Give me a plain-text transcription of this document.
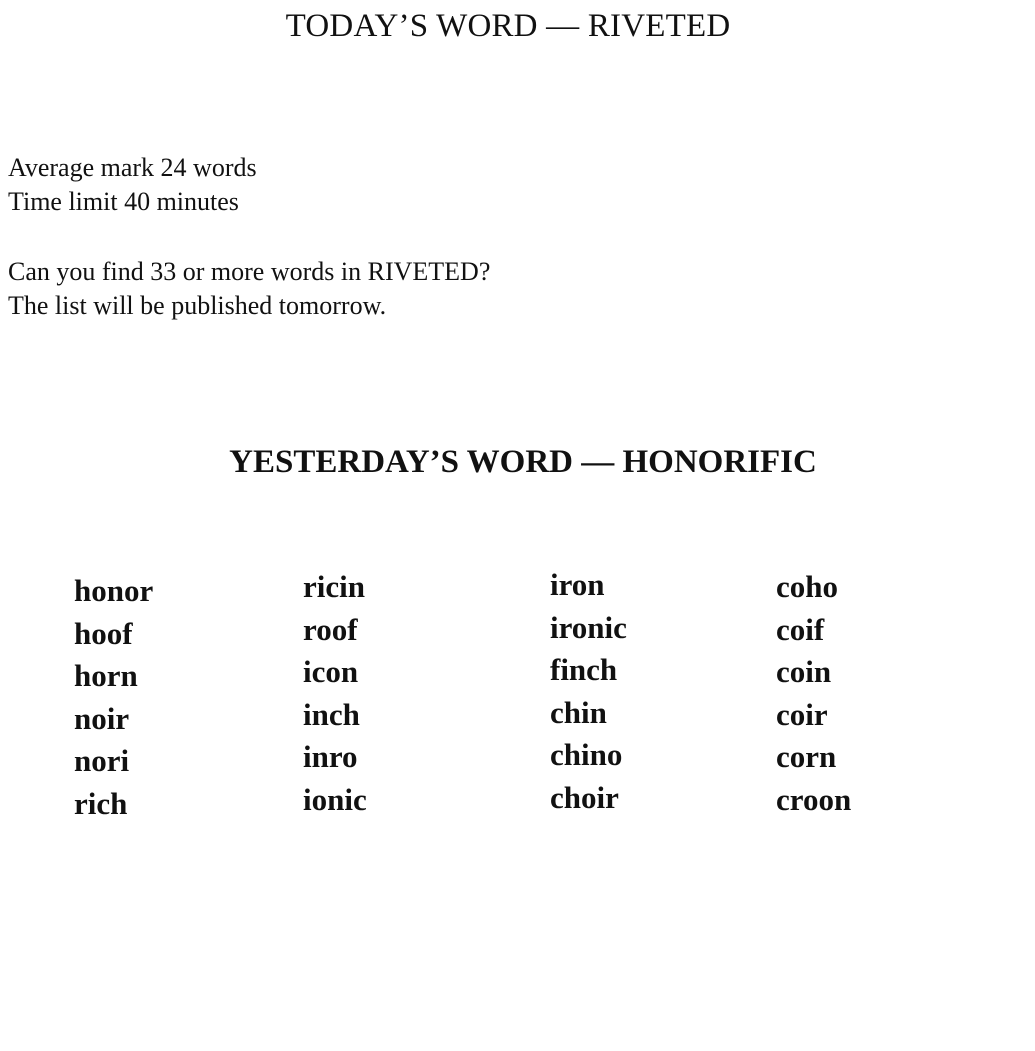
TODAY’S WORD — RIVETED

Average mark 24 words

Time limit 40 minutes

Can you find 33 or more words in RIVETED?

The list will be published tomorrow.

YESTERDAY’S WORD — HONORIFIC
honor
hoof
horn
noir
nori
rich
ricin
roof
icon
inch
inro
ionic
iron
ironic
finch
chin
chino
choir
coho
coif
coin
coir
corn
croon
